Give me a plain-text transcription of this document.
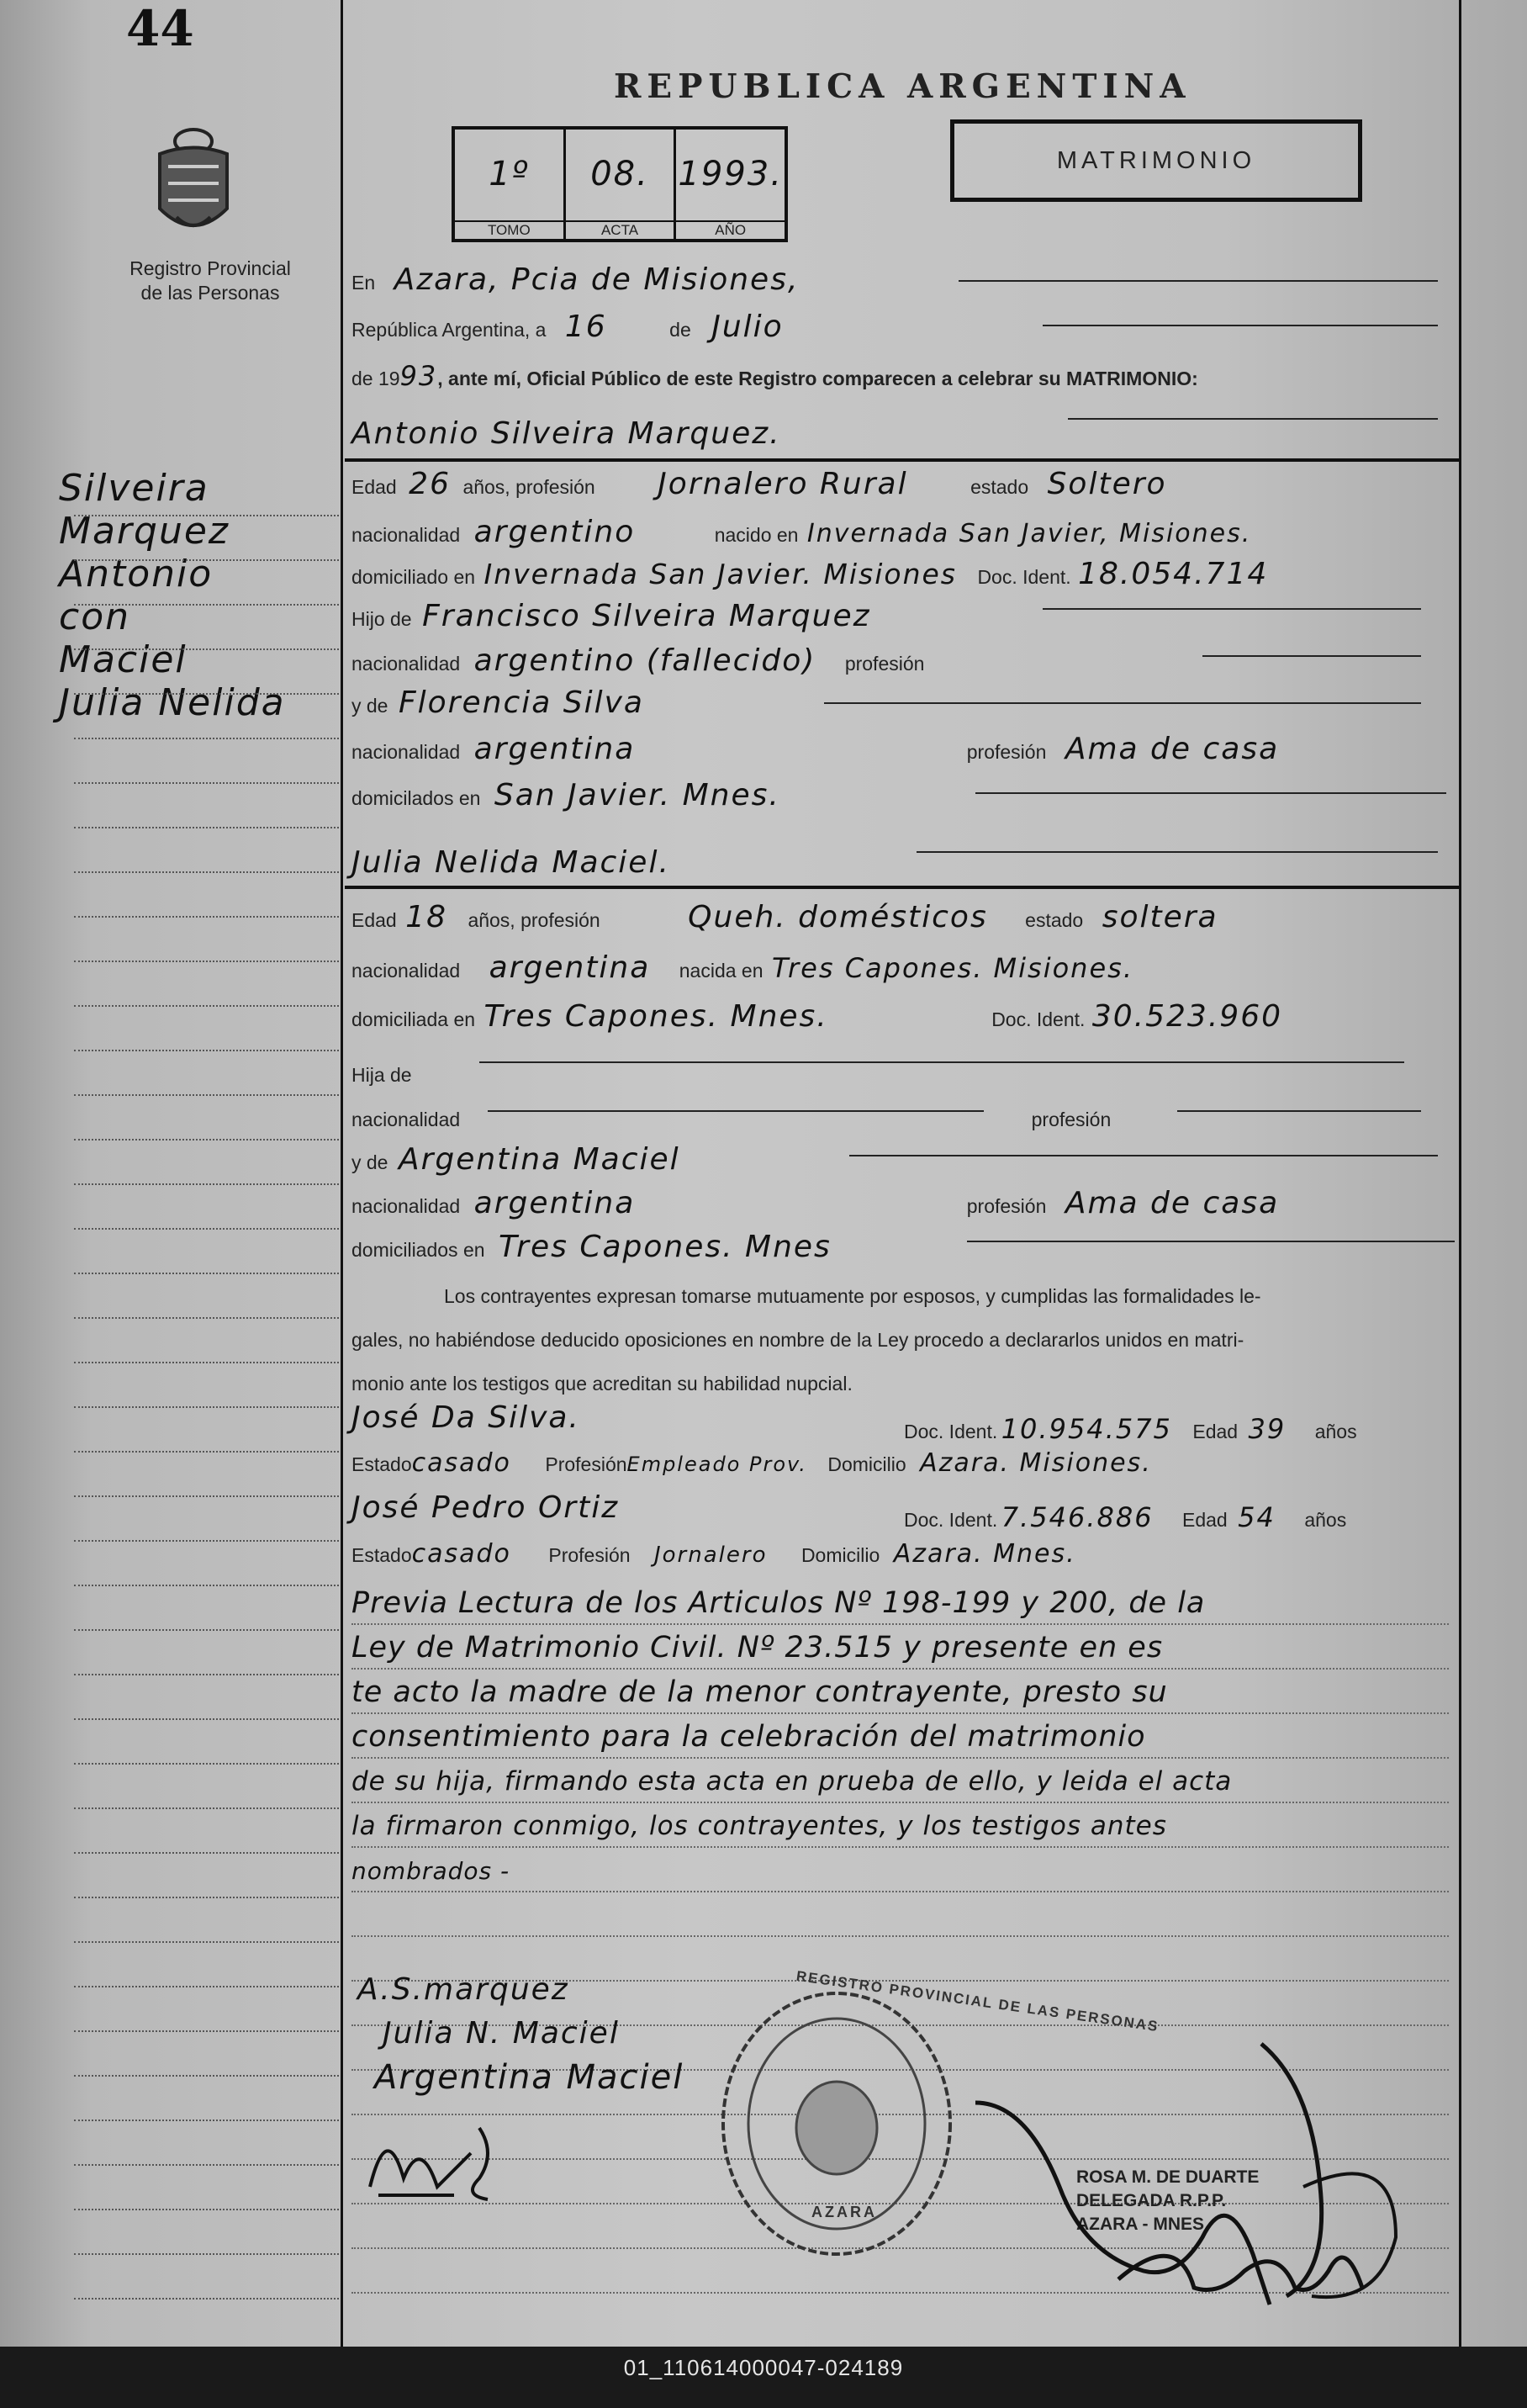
44
Registro Provincial
de las Personas
REPUBLICA ARGENTINA
MATRIMONIO
1º
TOMO
08.
ACTA
1993.
AÑO
Silveira
Marquez
Antonio
con
Maciel
Julia Nelida
En Azara, Pcia de Misiones,
República Argentina, a 16	de Julio
de 1993, ante mí, Oficial Público de este Registro comparecen a celebrar su MATRIMONIO:
Antonio Silveira Marquez.
Edad 26 años, profesión Jornalero Rural	estado Soltero
nacionalidad argentino	nacido en Invernada San Javier, Misiones.
domiciliado en Invernada San Javier. Misiones Doc. Ident. 18.054.714
Hijo de Francisco Silveira Marquez
nacionalidad argentino (fallecido) profesión
y de Florencia Silva
nacionalidad argentina	profesión Ama de casa
domicilados en San Javier. Mnes.
Julia Nelida Maciel.
Edad 18 años, profesión	Queh. domésticos estado soltera
nacionalidad argentina nacida en Tres Capones. Misiones.
domiciliada en Tres Capones. Mnes.	Doc. Ident. 30.523.960
Hija de
nacionalidad	profesión
y de Argentina Maciel
nacionalidad argentina	profesión Ama de casa
domiciliados en Tres Capones. Mnes
Los contrayentes expresan tomarse mutuamente por esposos, y cumplidas las formalidades le-
gales, no habiéndose deducido oposiciones en nombre de la Ley procedo a declararlos unidos en matri-
monio ante los testigos que acreditan su habilidad nupcial.
José Da Silva.	Doc. Ident. 10.954.575 Edad 39 años
Estadocasado ProfesiónEmpleado Prov. Domicilio Azara. Misiones.
José Pedro Ortiz	Doc. Ident. 7.546.886 Edad 54 años
Estadocasado Profesión Jornalero Domicilio Azara. Mnes.
Previa Lectura de los Articulos Nº 198-199 y 200, de la
Ley de Matrimonio Civil. Nº 23.515 y presente en es
te acto la madre de la menor contrayente, presto su
consentimiento para la celebración del matrimonio
de su hija, firmando esta acta en prueba de ello, y leida el acta
la firmaron conmigo, los contrayentes, y los testigos antes
nombrados -
A.S.marquez
Julia N. Maciel
Argentina Maciel
REGISTRO PROVINCIAL DE LAS PERSONAS
AZARA
ROSA M. DE DUARTE
DELEGADA R.P.P.
AZARA - MNES
01_110614000047-024189
